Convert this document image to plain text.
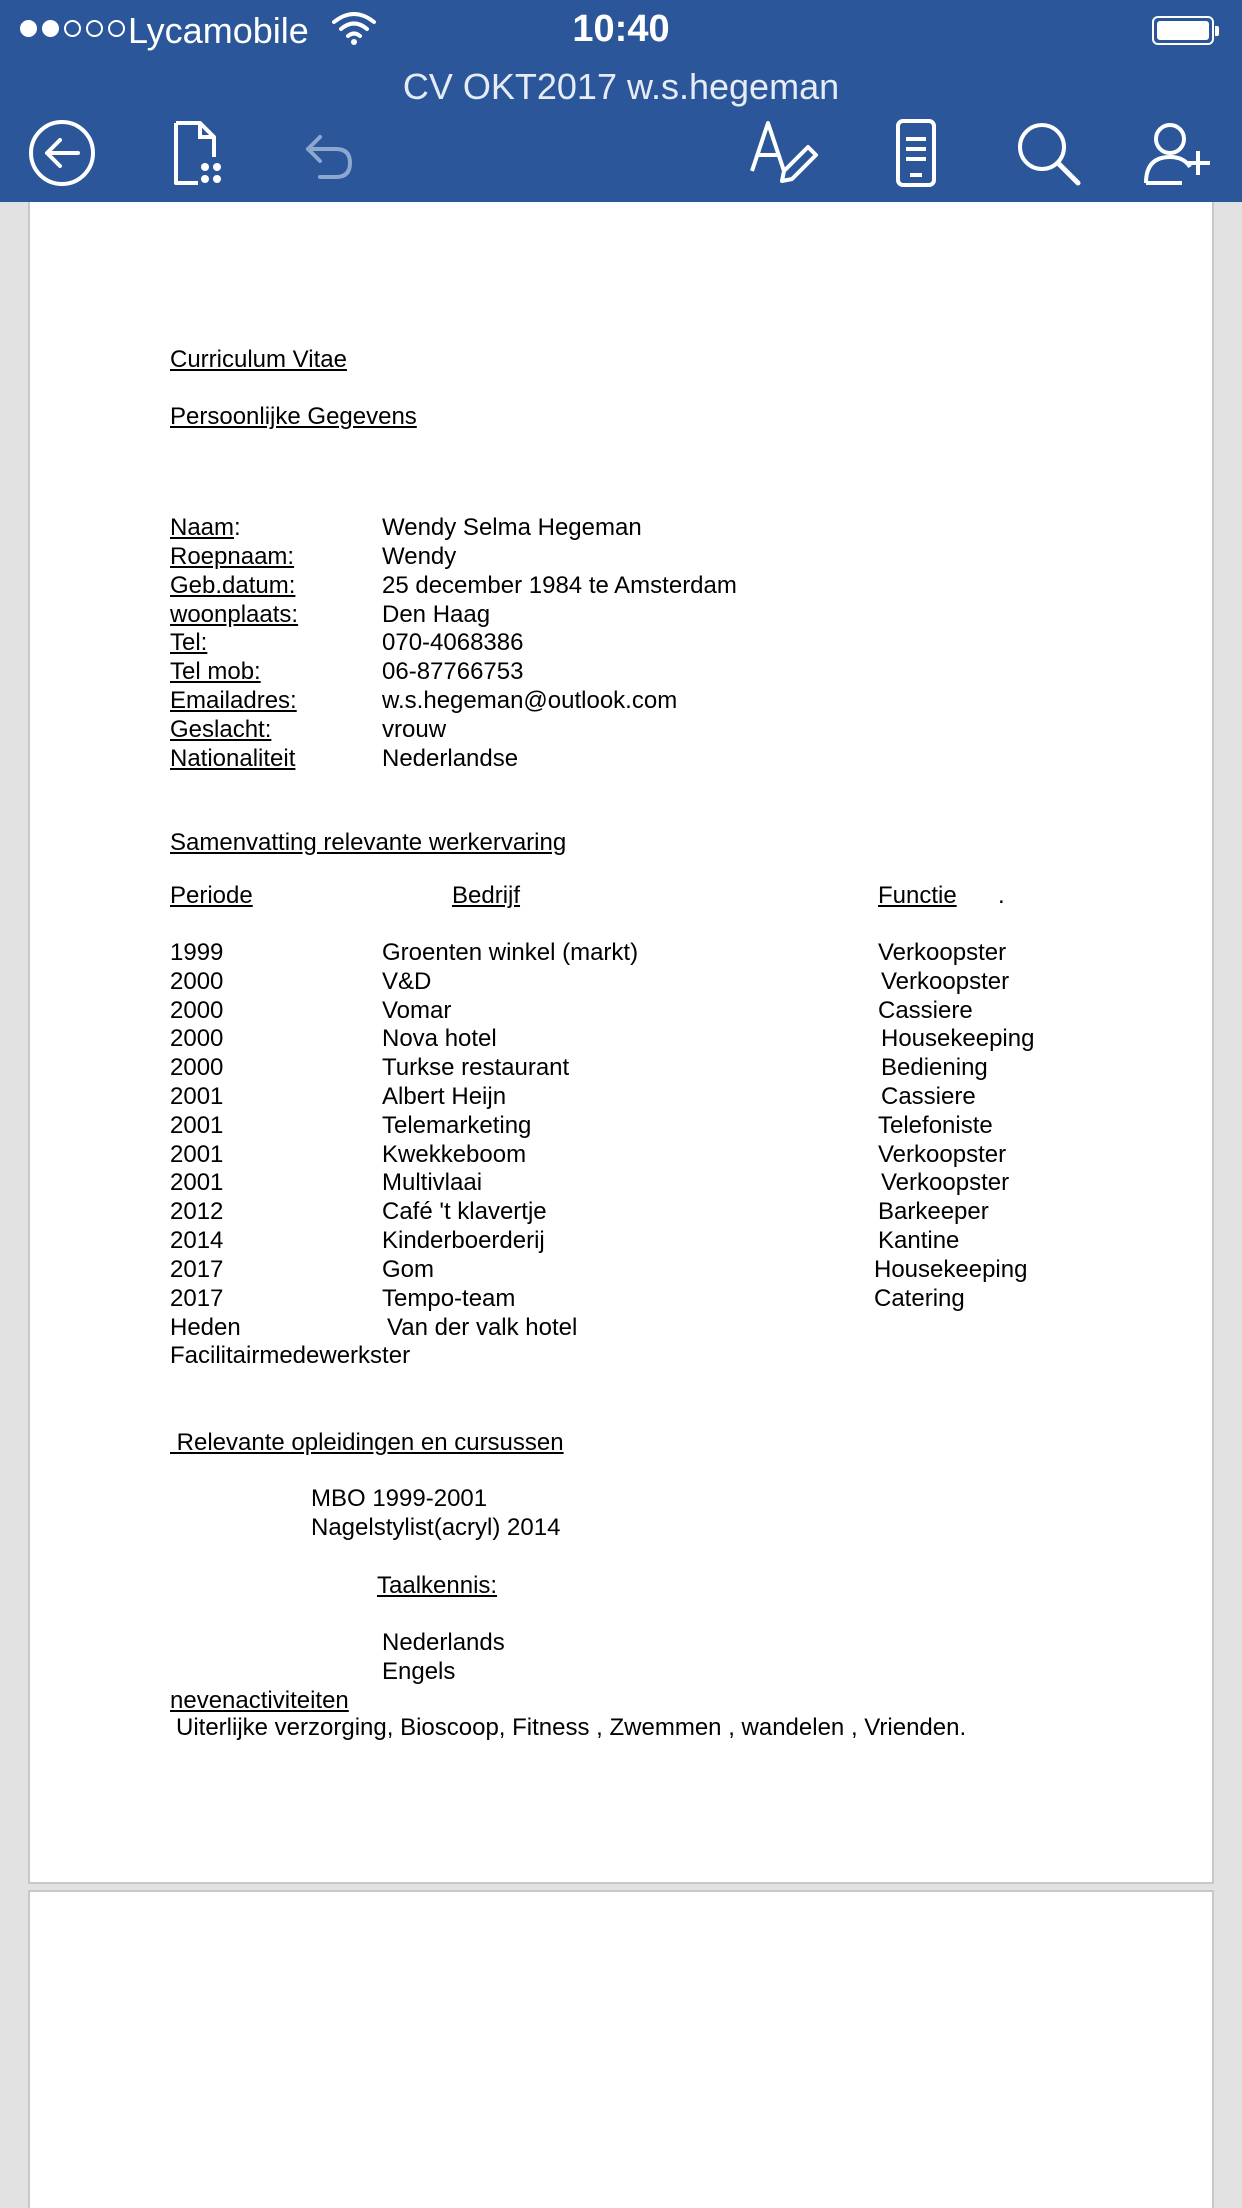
Lycamobile	10:40
CV OKT2017 w.s.hegeman
Curriculum Vitae
Persoonlijke Gegevens
Naam:	Wendy Selma Hegeman
Roepnaam:	Wendy
Geb.datum:	25 december 1984 te Amsterdam
woonplaats:	Den Haag
Tel:	070-4068386
Tel mob:	06-87766753
Emailadres:	w.s.hegeman@outlook.com
Geslacht:	vrouw
Nationaliteit	Nederlandse
Samenvatting relevante werkervaring
Periode	Bedrijf	Functie .
1999	Groenten winkel (markt)	Verkoopster
2000	V&D	Verkoopster
2000	Vomar	Cassiere
2000	Nova hotel	Housekeeping
2000	Turkse restaurant	Bediening
2001	Albert Heijn	Cassiere
2001	Telemarketing	Telefoniste
2001	Kwekkeboom	Verkoopster
2001	Multivlaai	Verkoopster
2012	Café 't klavertje	Barkeeper
2014	Kinderboerderij	Kantine
2017	Gom	Housekeeping
2017	Tempo-team	Catering
Heden	Van der valk hotel
Facilitairmedewerkster
Relevante opleidingen en cursussen
MBO 1999-2001
Nagelstylist(acryl) 2014
Taalkennis:
Nederlands
Engels
nevenactiviteiten
Uiterlijke verzorging, Bioscoop, Fitness , Zwemmen , wandelen , Vrienden.
